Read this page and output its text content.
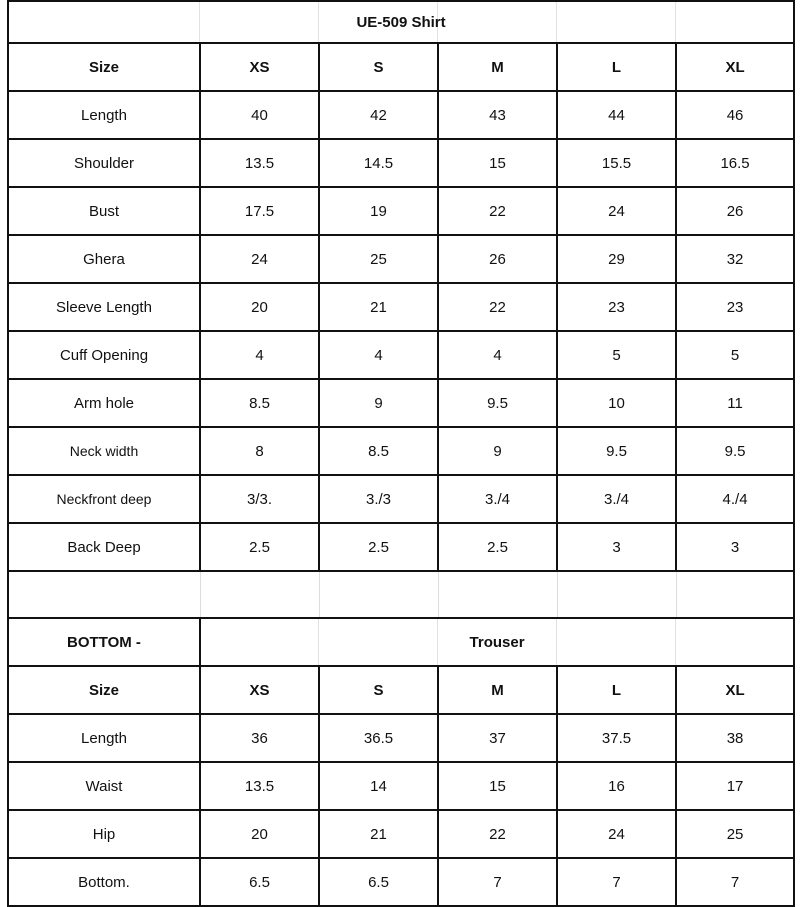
UE-509 Shirt					
Size	XS	S	M	L	XL
Length	40	42	43	44	46
Shoulder	13.5	14.5	15	15.5	16.5
Bust	17.5	19	22	24	26
Ghera	24	25	26	29	32
Sleeve Length	20	21	22	23	23
Cuff Opening	4	4	4	5	5
Arm hole	8.5	9	9.5	10	11
Neck width	8	8.5	9	9.5	9.5
Neckfront deep	3/3.	3./3	3./4	3./4	4./4
Back Deep	2.5	2.5	2.5	3	3

BOTTOM -	Trouser				
Size	XS	S	M	L	XL
Length	36	36.5	37	37.5	38
Waist	13.5	14	15	16	17
Hip	20	21	22	24	25
Bottom.	6.5	6.5	7	7	7
